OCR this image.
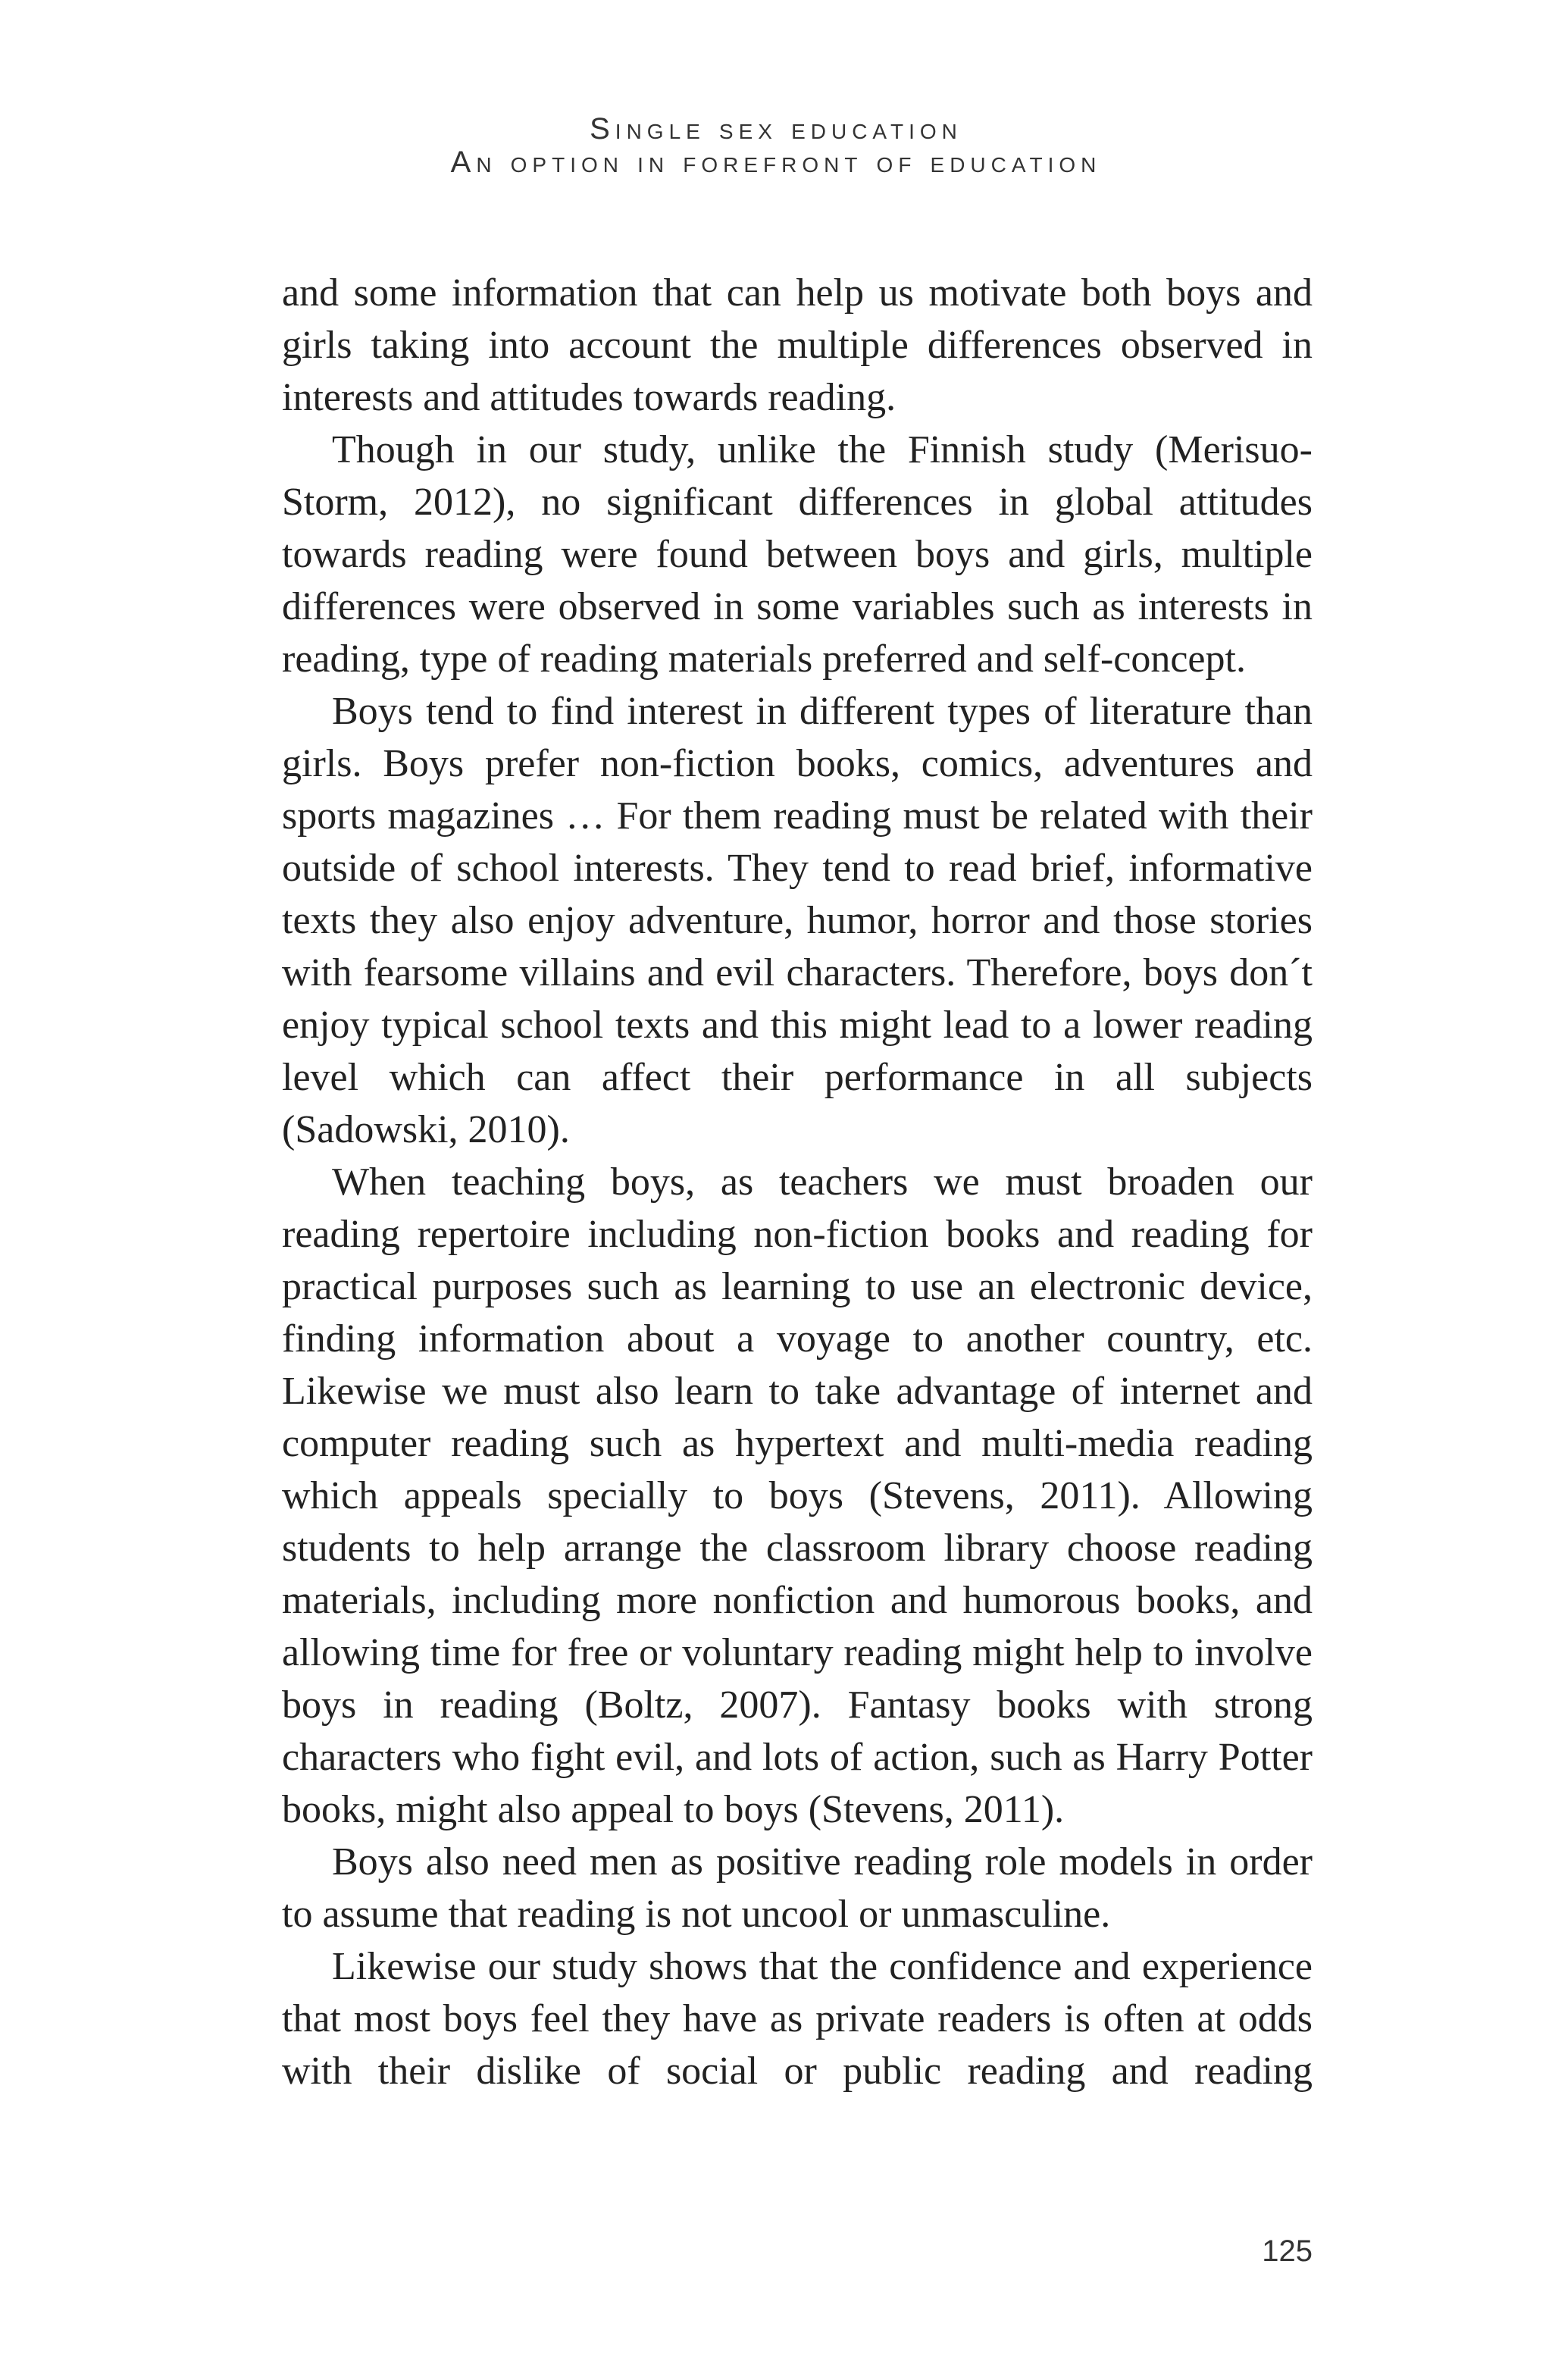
Single sex education
An option in forefront of education

and some information that can help us motivate both boys and girls taking into account the multiple differences observed in interests and attitudes towards reading.

Though in our study, unlike the Finnish study (Merisuo-Storm, 2012), no significant differences in global attitudes towards reading were found between boys and girls, multiple differences were observed in some variables such as interests in reading, type of reading materials preferred and self-concept.

Boys tend to find interest in different types of literature than girls. Boys prefer non-fiction books, comics, adventures and sports magazines … For them reading must be related with their outside of school interests. They tend to read brief, informative texts they also enjoy adventure, humor, horror and those stories with fearsome villains and evil characters. Therefore, boys don´t enjoy typical school texts and this might lead to a lower reading level which can affect their performance in all subjects (Sadowski, 2010).

When teaching boys, as teachers we must broaden our reading repertoire including non-fiction books and reading for practical purposes such as learning to use an electronic device, finding information about a voyage to another country, etc. Likewise we must also learn to take advantage of internet and computer reading such as hypertext and multi-media reading which appeals specially to boys (Stevens, 2011). Allowing students to help arrange the classroom library choose reading materials, including more nonfiction and humorous books, and allowing time for free or voluntary reading might help to involve boys in reading (Boltz, 2007). Fantasy books with strong characters who fight evil, and lots of action, such as Harry Potter books, might also appeal to boys (Stevens, 2011).

Boys also need men as positive reading role models in order to assume that reading is not uncool or unmasculine.

Likewise our study shows that the confidence and experience that most boys feel they have as private readers is often at odds with their dislike of social or public reading and reading

125
